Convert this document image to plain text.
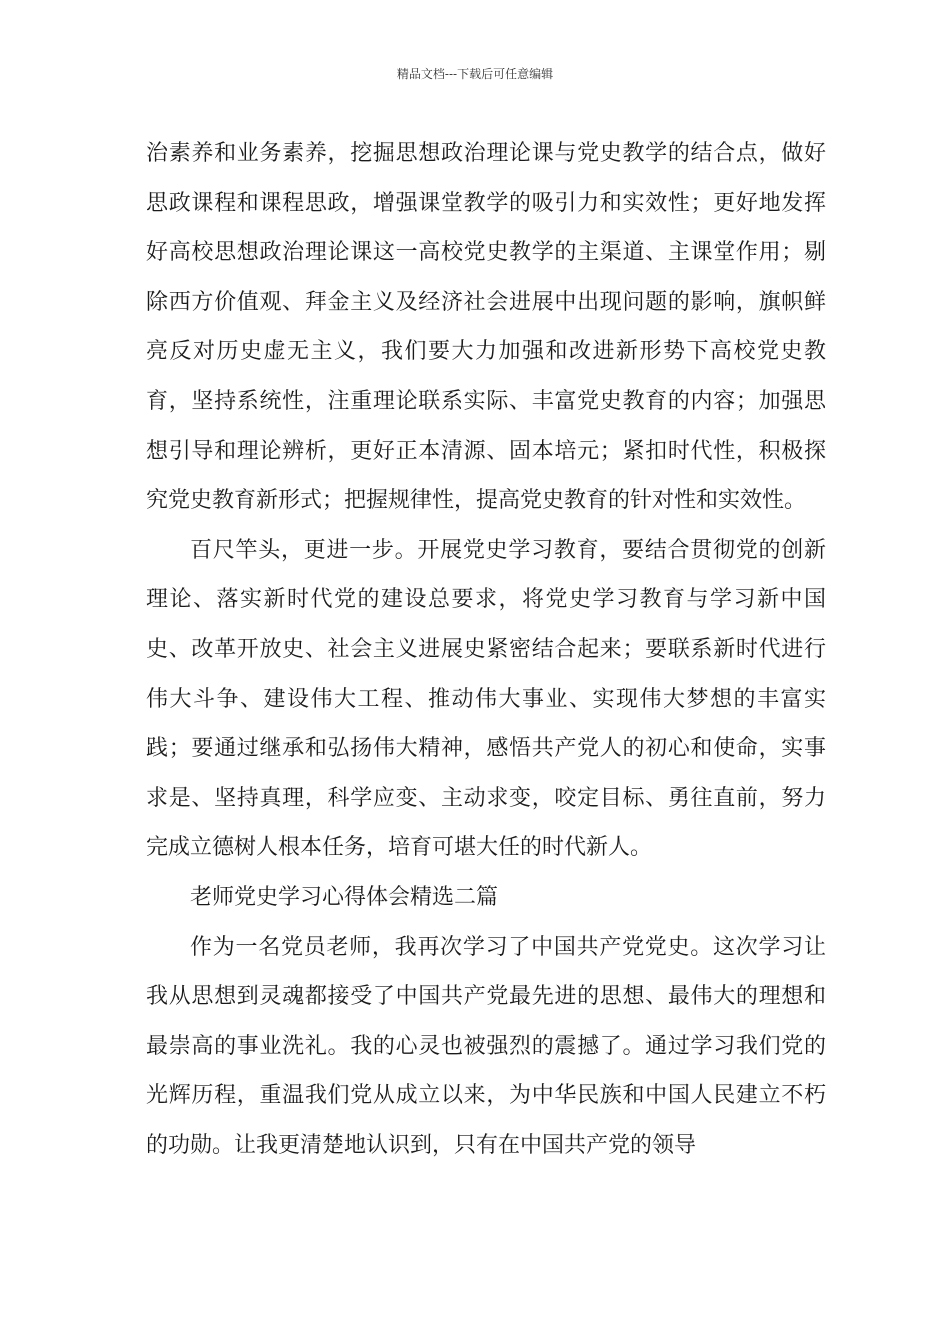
精品文档---下载后可任意编辑

治素养和业务素养，挖掘思想政治理论课与党史教学的结合点，做好思政课程和课程思政，增强课堂教学的吸引力和实效性；更好地发挥好高校思想政治理论课这一高校党史教学的主渠道、主课堂作用；剔除西方价值观、拜金主义及经济社会进展中出现问题的影响，旗帜鲜亮反对历史虚无主义，我们要大力加强和改进新形势下高校党史教育，坚持系统性，注重理论联系实际、丰富党史教育的内容；加强思想引导和理论辨析，更好正本清源、固本培元；紧扣时代性，积极探究党史教育新形式；把握规律性，提高党史教育的针对性和实效性。

百尺竿头，更进一步。开展党史学习教育，要结合贯彻党的创新理论、落实新时代党的建设总要求，将党史学习教育与学习新中国史、改革开放史、社会主义进展史紧密结合起来；要联系新时代进行伟大斗争、建设伟大工程、推动伟大事业、实现伟大梦想的丰富实践；要通过继承和弘扬伟大精神，感悟共产党人的初心和使命，实事求是、坚持真理，科学应变、主动求变，咬定目标、勇往直前，努力完成立德树人根本任务，培育可堪大任的时代新人。

老师党史学习心得体会精选二篇

作为一名党员老师，我再次学习了中国共产党党史。这次学习让我从思想到灵魂都接受了中国共产党最先进的思想、最伟大的理想和最崇高的事业洗礼。我的心灵也被强烈的震撼了。通过学习我们党的光辉历程，重温我们党从成立以来，为中华民族和中国人民建立不朽的功勋。让我更清楚地认识到，只有在中国共产党的领导
